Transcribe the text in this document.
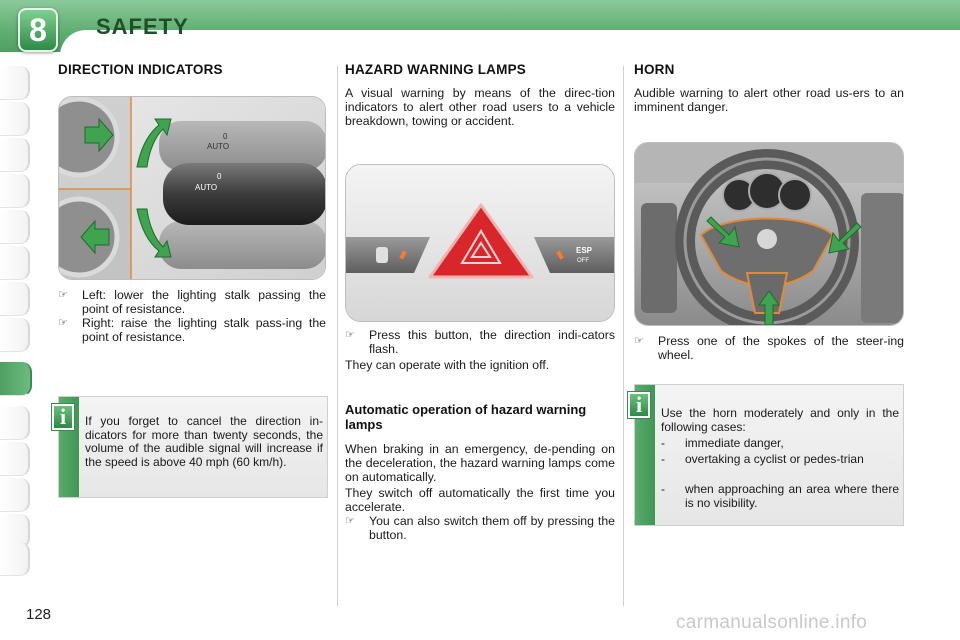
8	SAFETY
DIRECTION INDICATORS
AUTO
0
AUTO
0
☞	Left: lower the lighting stalk passing the point of resistance.
☞	Right: raise the lighting stalk pass-ing the point of resistance.
If you forget to cancel the direction in-dicators for more than twenty seconds, the volume of the audible signal will increase if the speed is above 40 mph (60 km/h).
i
HAZARD WARNING LAMPS

A visual warning by means of the direc-tion indicators to alert other road users to a vehicle breakdown, towing or accident.

ESP
OFF
☞	Press this button, the direction indi-cators flash.

They can operate with the ignition off.

Automatic operation of hazard warning lamps

When braking in an emergency, de-pending on the deceleration, the hazard warning lamps come on automatically.

They switch off automatically the first time you accelerate.

☞	You can also switch them off by pressing the button.
HORN

Audible warning to alert other road us-ers to an imminent danger.

☞	Press one of the spokes of the steer-ing wheel.
Use the horn moderately and only in the following cases:
-	immediate danger,
-	overtaking a cyclist or pedes-trian
-	when approaching an area where there is no visibility.
i
128	carmanualsonline.info
